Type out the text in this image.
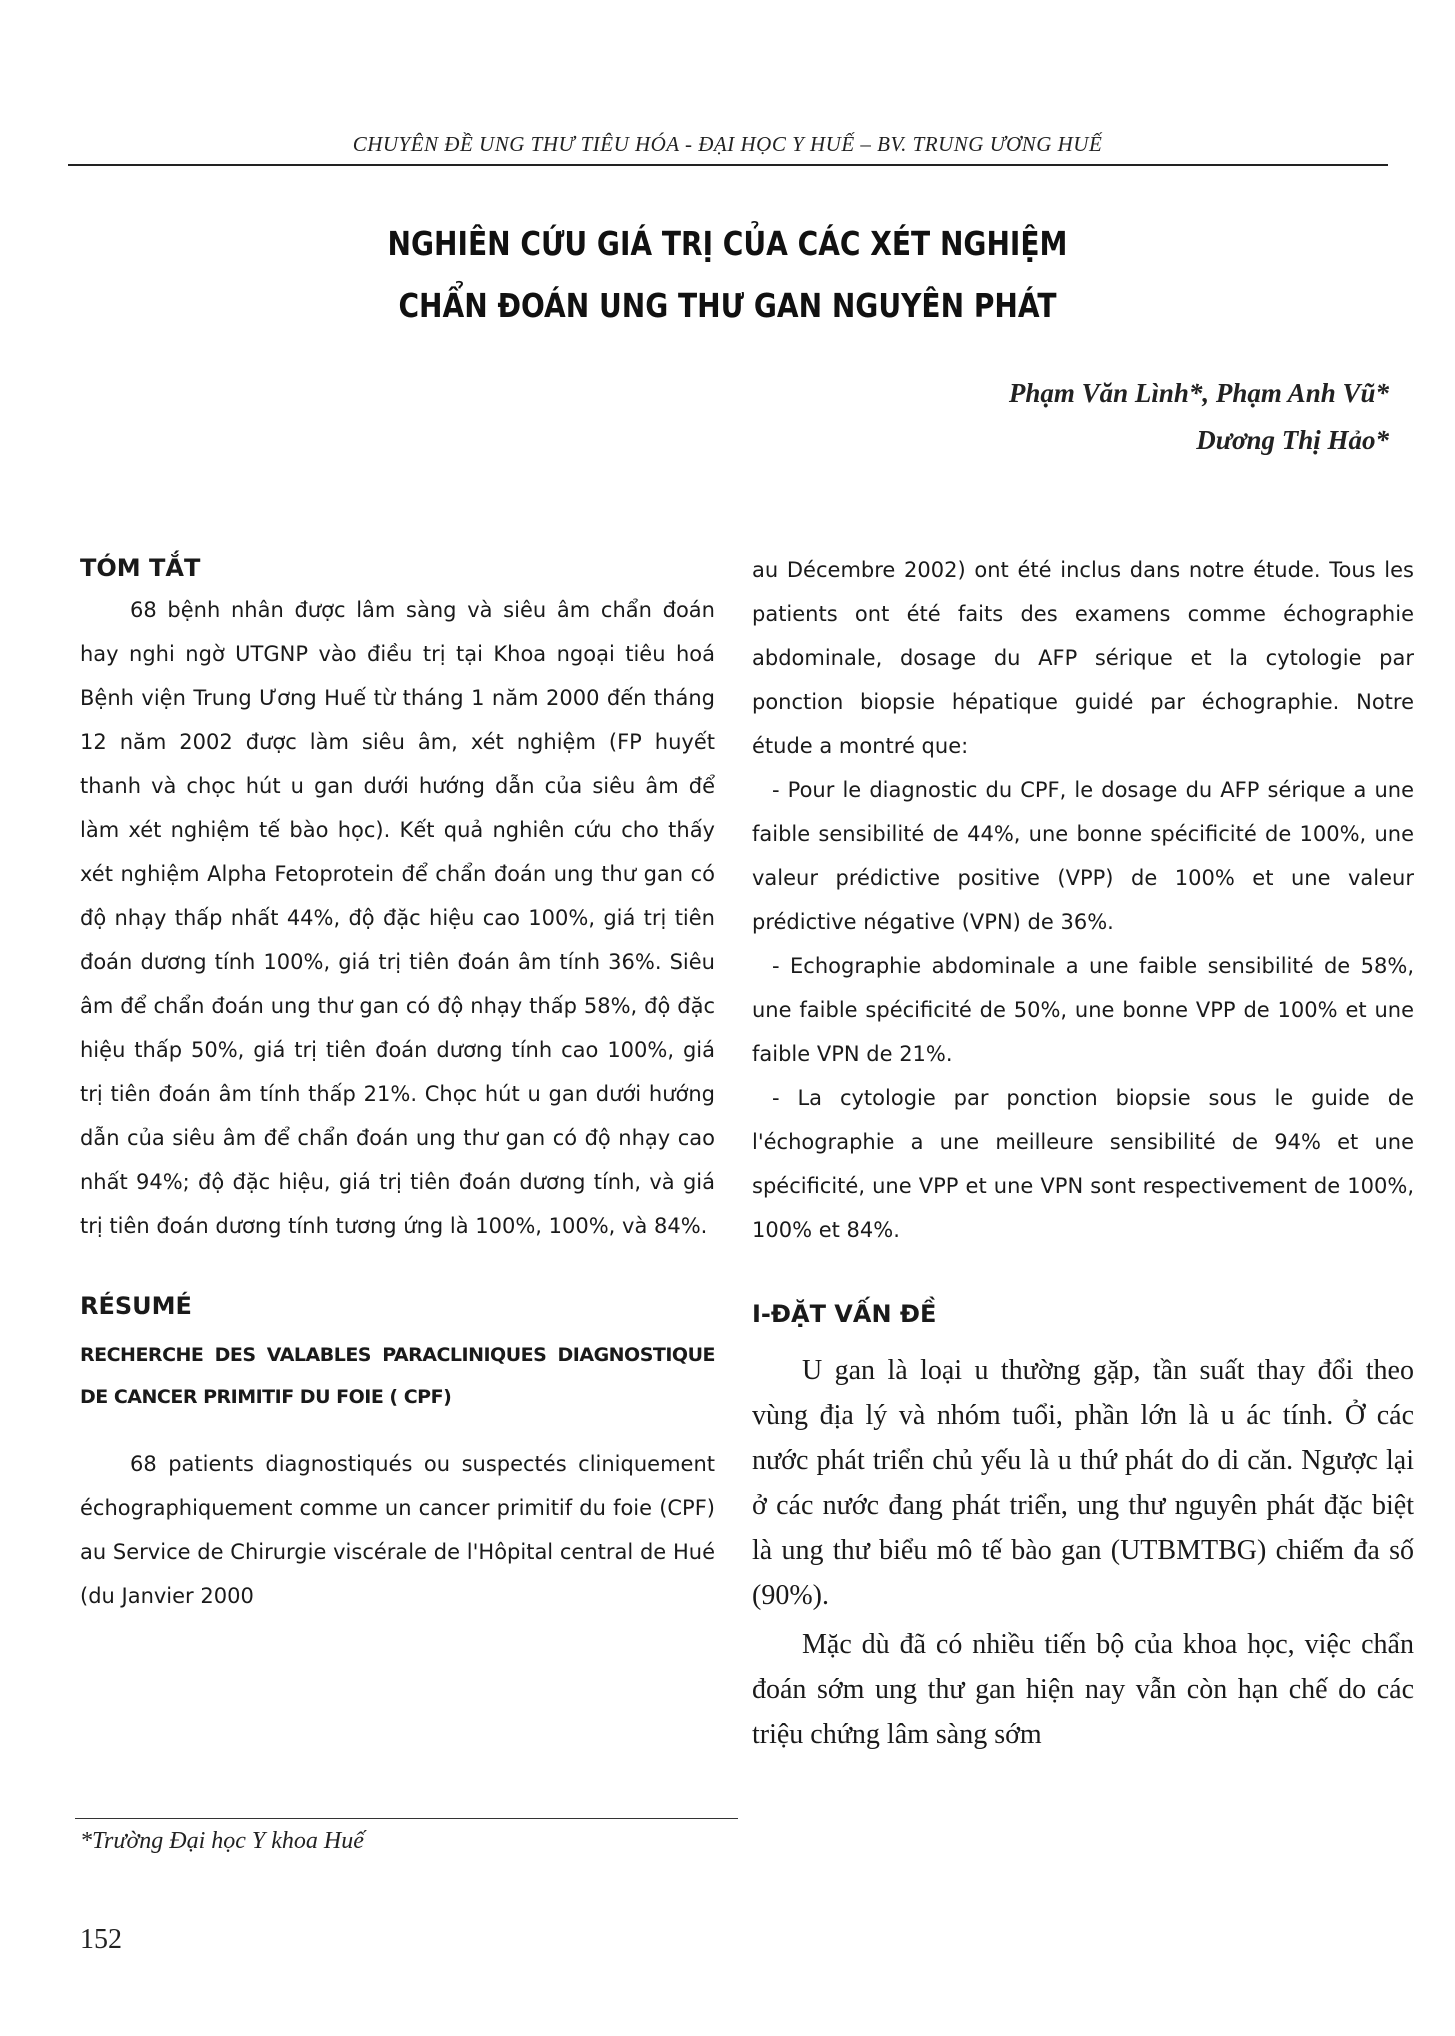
CHUYÊN ĐỀ UNG THƯ TIÊU HÓA - ĐẠI HỌC Y HUẾ – BV. TRUNG ƯƠNG HUẾ
NGHIÊN CỨU GIÁ TRỊ CỦA CÁC XÉT NGHIỆM
CHẨN ĐOÁN UNG THƯ GAN NGUYÊN PHÁT
Phạm Văn Lình*, Phạm Anh Vũ*
Dương Thị Hảo*
TÓM TẮT

68 bệnh nhân được lâm sàng và siêu âm chẩn đoán hay nghi ngờ UTGNP vào điều trị tại Khoa ngoại tiêu hoá Bệnh viện Trung Ương Huế từ tháng 1 năm 2000 đến tháng 12 năm 2002 được làm siêu âm, xét nghiệm (FP huyết thanh và chọc hút u gan dưới hướng dẫn của siêu âm để làm xét nghiệm tế bào học). Kết quả nghiên cứu cho thấy xét nghiệm Alpha Fetoprotein để chẩn đoán ung thư gan có độ nhạy thấp nhất 44%, độ đặc hiệu cao 100%, giá trị tiên đoán dương tính 100%, giá trị tiên đoán âm tính 36%. Siêu âm để chẩn đoán ung thư gan có độ nhạy thấp 58%, độ đặc hiệu thấp 50%, giá trị tiên đoán dương tính cao 100%, giá trị tiên đoán âm tính thấp 21%. Chọc hút u gan dưới hướng dẫn của siêu âm để chẩn đoán ung thư gan có độ nhạy cao nhất 94%; độ đặc hiệu, giá trị tiên đoán dương tính, và giá trị tiên đoán dương tính tương ứng là 100%, 100%, và 84%.

RÉSUMÉ

RECHERCHE DES VALABLES PARACLINIQUES DIAGNOSTIQUE DE CANCER PRIMITIF DU FOIE ( CPF)

68 patients diagnostiqués ou suspectés cliniquement échographiquement comme un cancer primitif du foie (CPF) au Service de Chirurgie viscérale de l'Hôpital central de Hué (du Janvier 2000

au Décembre 2002) ont été inclus dans notre étude. Tous les patients ont été faits des examens comme échographie abdominale, dosage du AFP sérique et la cytologie par ponction biopsie hépatique guidé par échographie. Notre étude a montré que:

- Pour le diagnostic du CPF, le dosage du AFP sérique a une faible sensibilité de 44%, une bonne spécificité de 100%, une valeur prédictive positive (VPP) de 100% et une valeur prédictive négative (VPN) de 36%.

- Echographie abdominale a une faible sensibilité de 58%, une faible spécificité de 50%, une bonne VPP de 100% et une faible VPN de 21%.

- La cytologie par ponction biopsie sous le guide de l'échographie a une meilleure sensibilité de 94% et une spécificité, une VPP et une VPN sont respectivement de 100%, 100% et 84%.

I-ĐẶT VẤN ĐỀ

U gan là loại u thường gặp, tần suất thay đổi theo vùng địa lý và nhóm tuổi, phần lớn là u ác tính. Ở các nước phát triển chủ yếu là u thứ phát do di căn. Ngược lại ở các nước đang phát triển, ung thư nguyên phát đặc biệt là ung thư biểu mô tế bào gan (UTBMTBG) chiếm đa số (90%).

Mặc dù đã có nhiều tiến bộ của khoa học, việc chẩn đoán sớm ung thư gan hiện nay vẫn còn hạn chế do các triệu chứng lâm sàng sớm

*Trường Đại học Y khoa Huế
152
